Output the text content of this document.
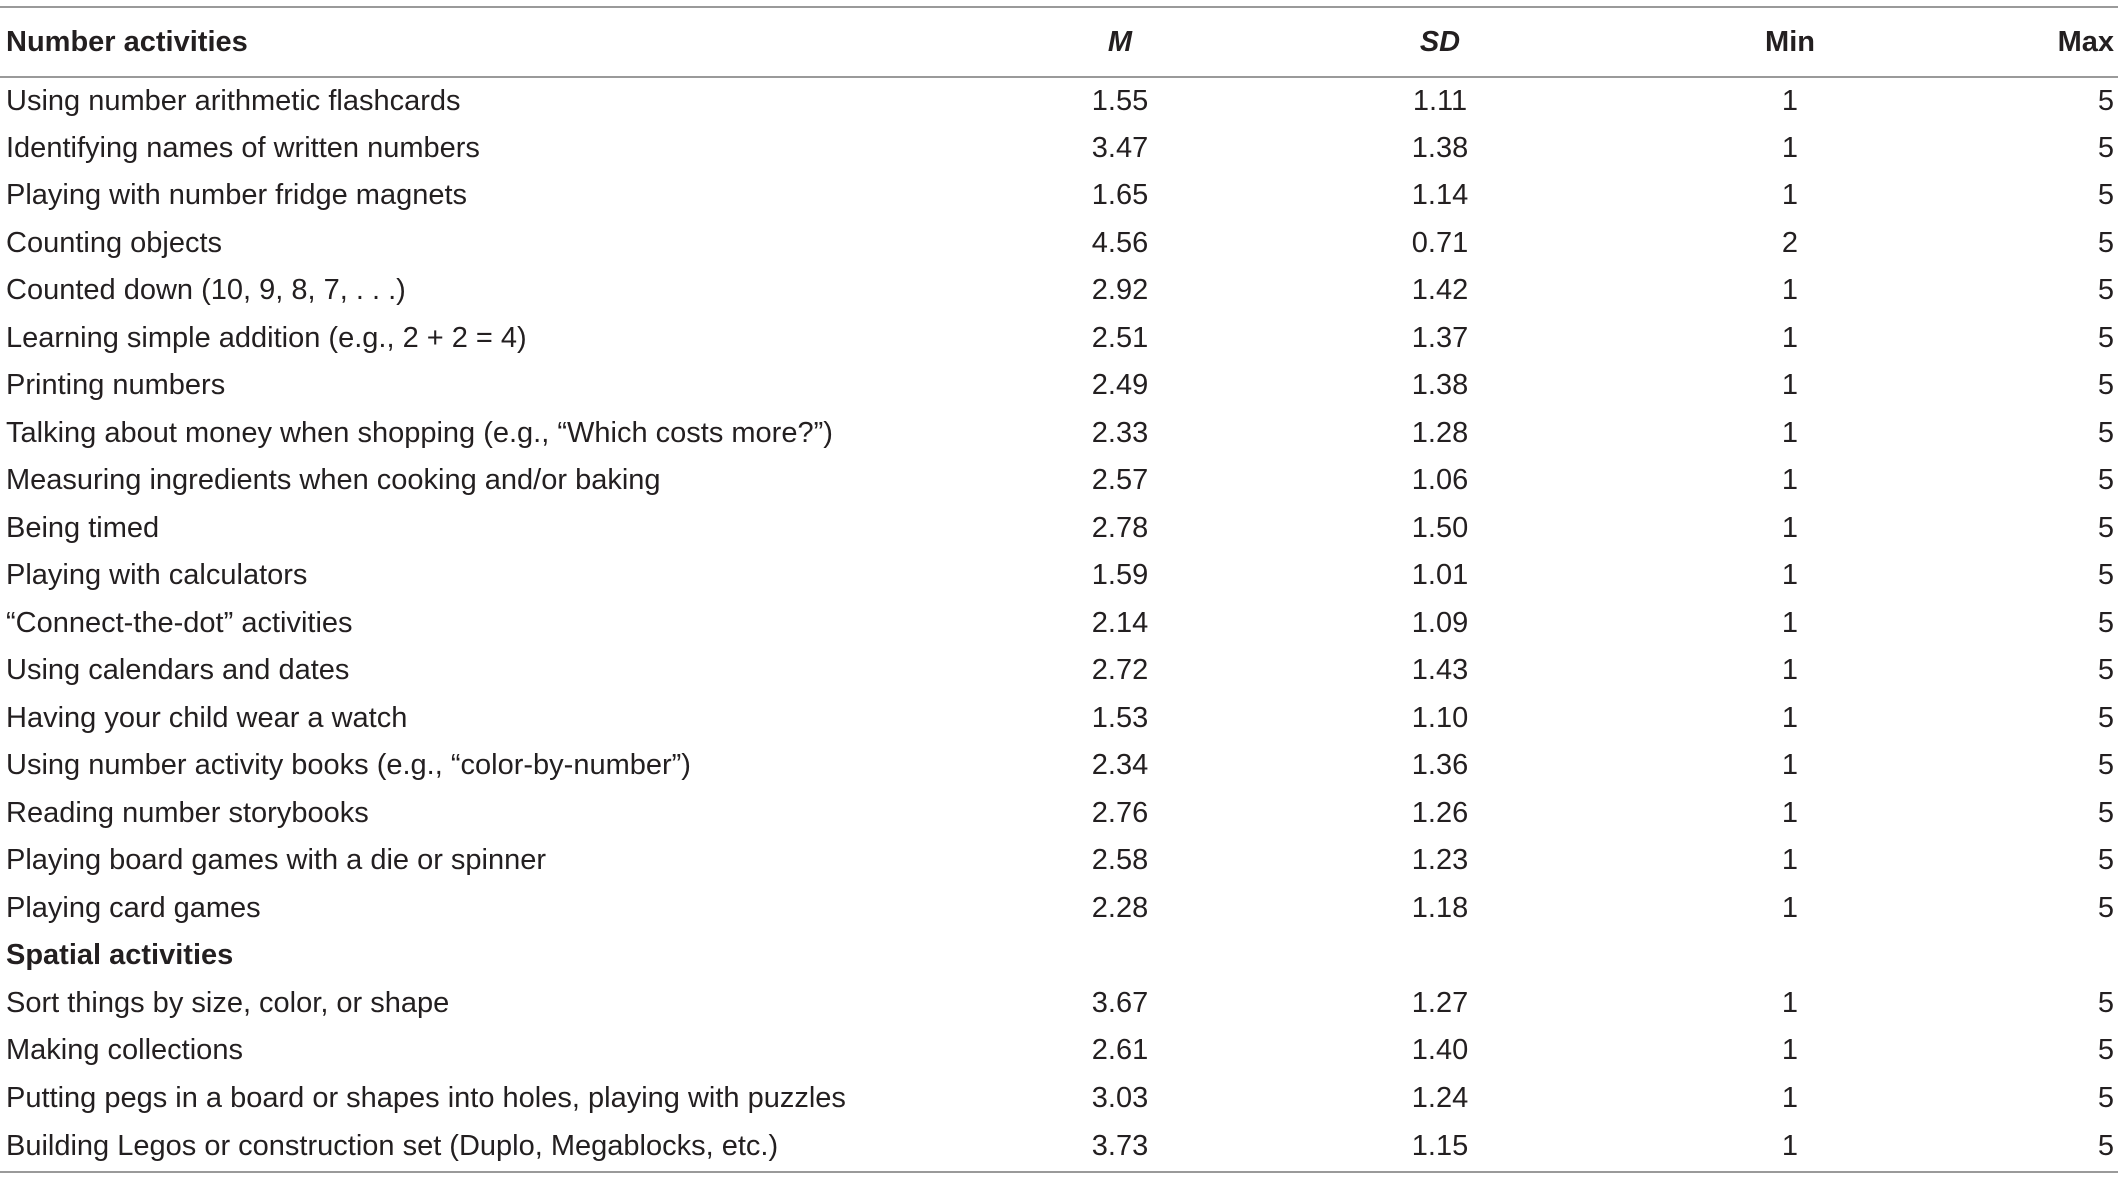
Number activities	M	SD	Min	Max
Using number arithmetic flashcards	1.55	1.11	1	5
Identifying names of written numbers	3.47	1.38	1	5
Playing with number fridge magnets	1.65	1.14	1	5
Counting objects	4.56	0.71	2	5
Counted down (10, 9, 8, 7, . . .)	2.92	1.42	1	5
Learning simple addition (e.g., 2 + 2 = 4)	2.51	1.37	1	5
Printing numbers	2.49	1.38	1	5
Talking about money when shopping (e.g., “Which costs more?”)	2.33	1.28	1	5
Measuring ingredients when cooking and/or baking	2.57	1.06	1	5
Being timed	2.78	1.50	1	5
Playing with calculators	1.59	1.01	1	5
“Connect-the-dot” activities	2.14	1.09	1	5
Using calendars and dates	2.72	1.43	1	5
Having your child wear a watch	1.53	1.10	1	5
Using number activity books (e.g., “color-by-number”)	2.34	1.36	1	5
Reading number storybooks	2.76	1.26	1	5
Playing board games with a die or spinner	2.58	1.23	1	5
Playing card games	2.28	1.18	1	5
Spatial activities				
Sort things by size, color, or shape	3.67	1.27	1	5
Making collections	2.61	1.40	1	5
Putting pegs in a board or shapes into holes, playing with puzzles	3.03	1.24	1	5
Building Legos or construction set (Duplo, Megablocks, etc.)	3.73	1.15	1	5
